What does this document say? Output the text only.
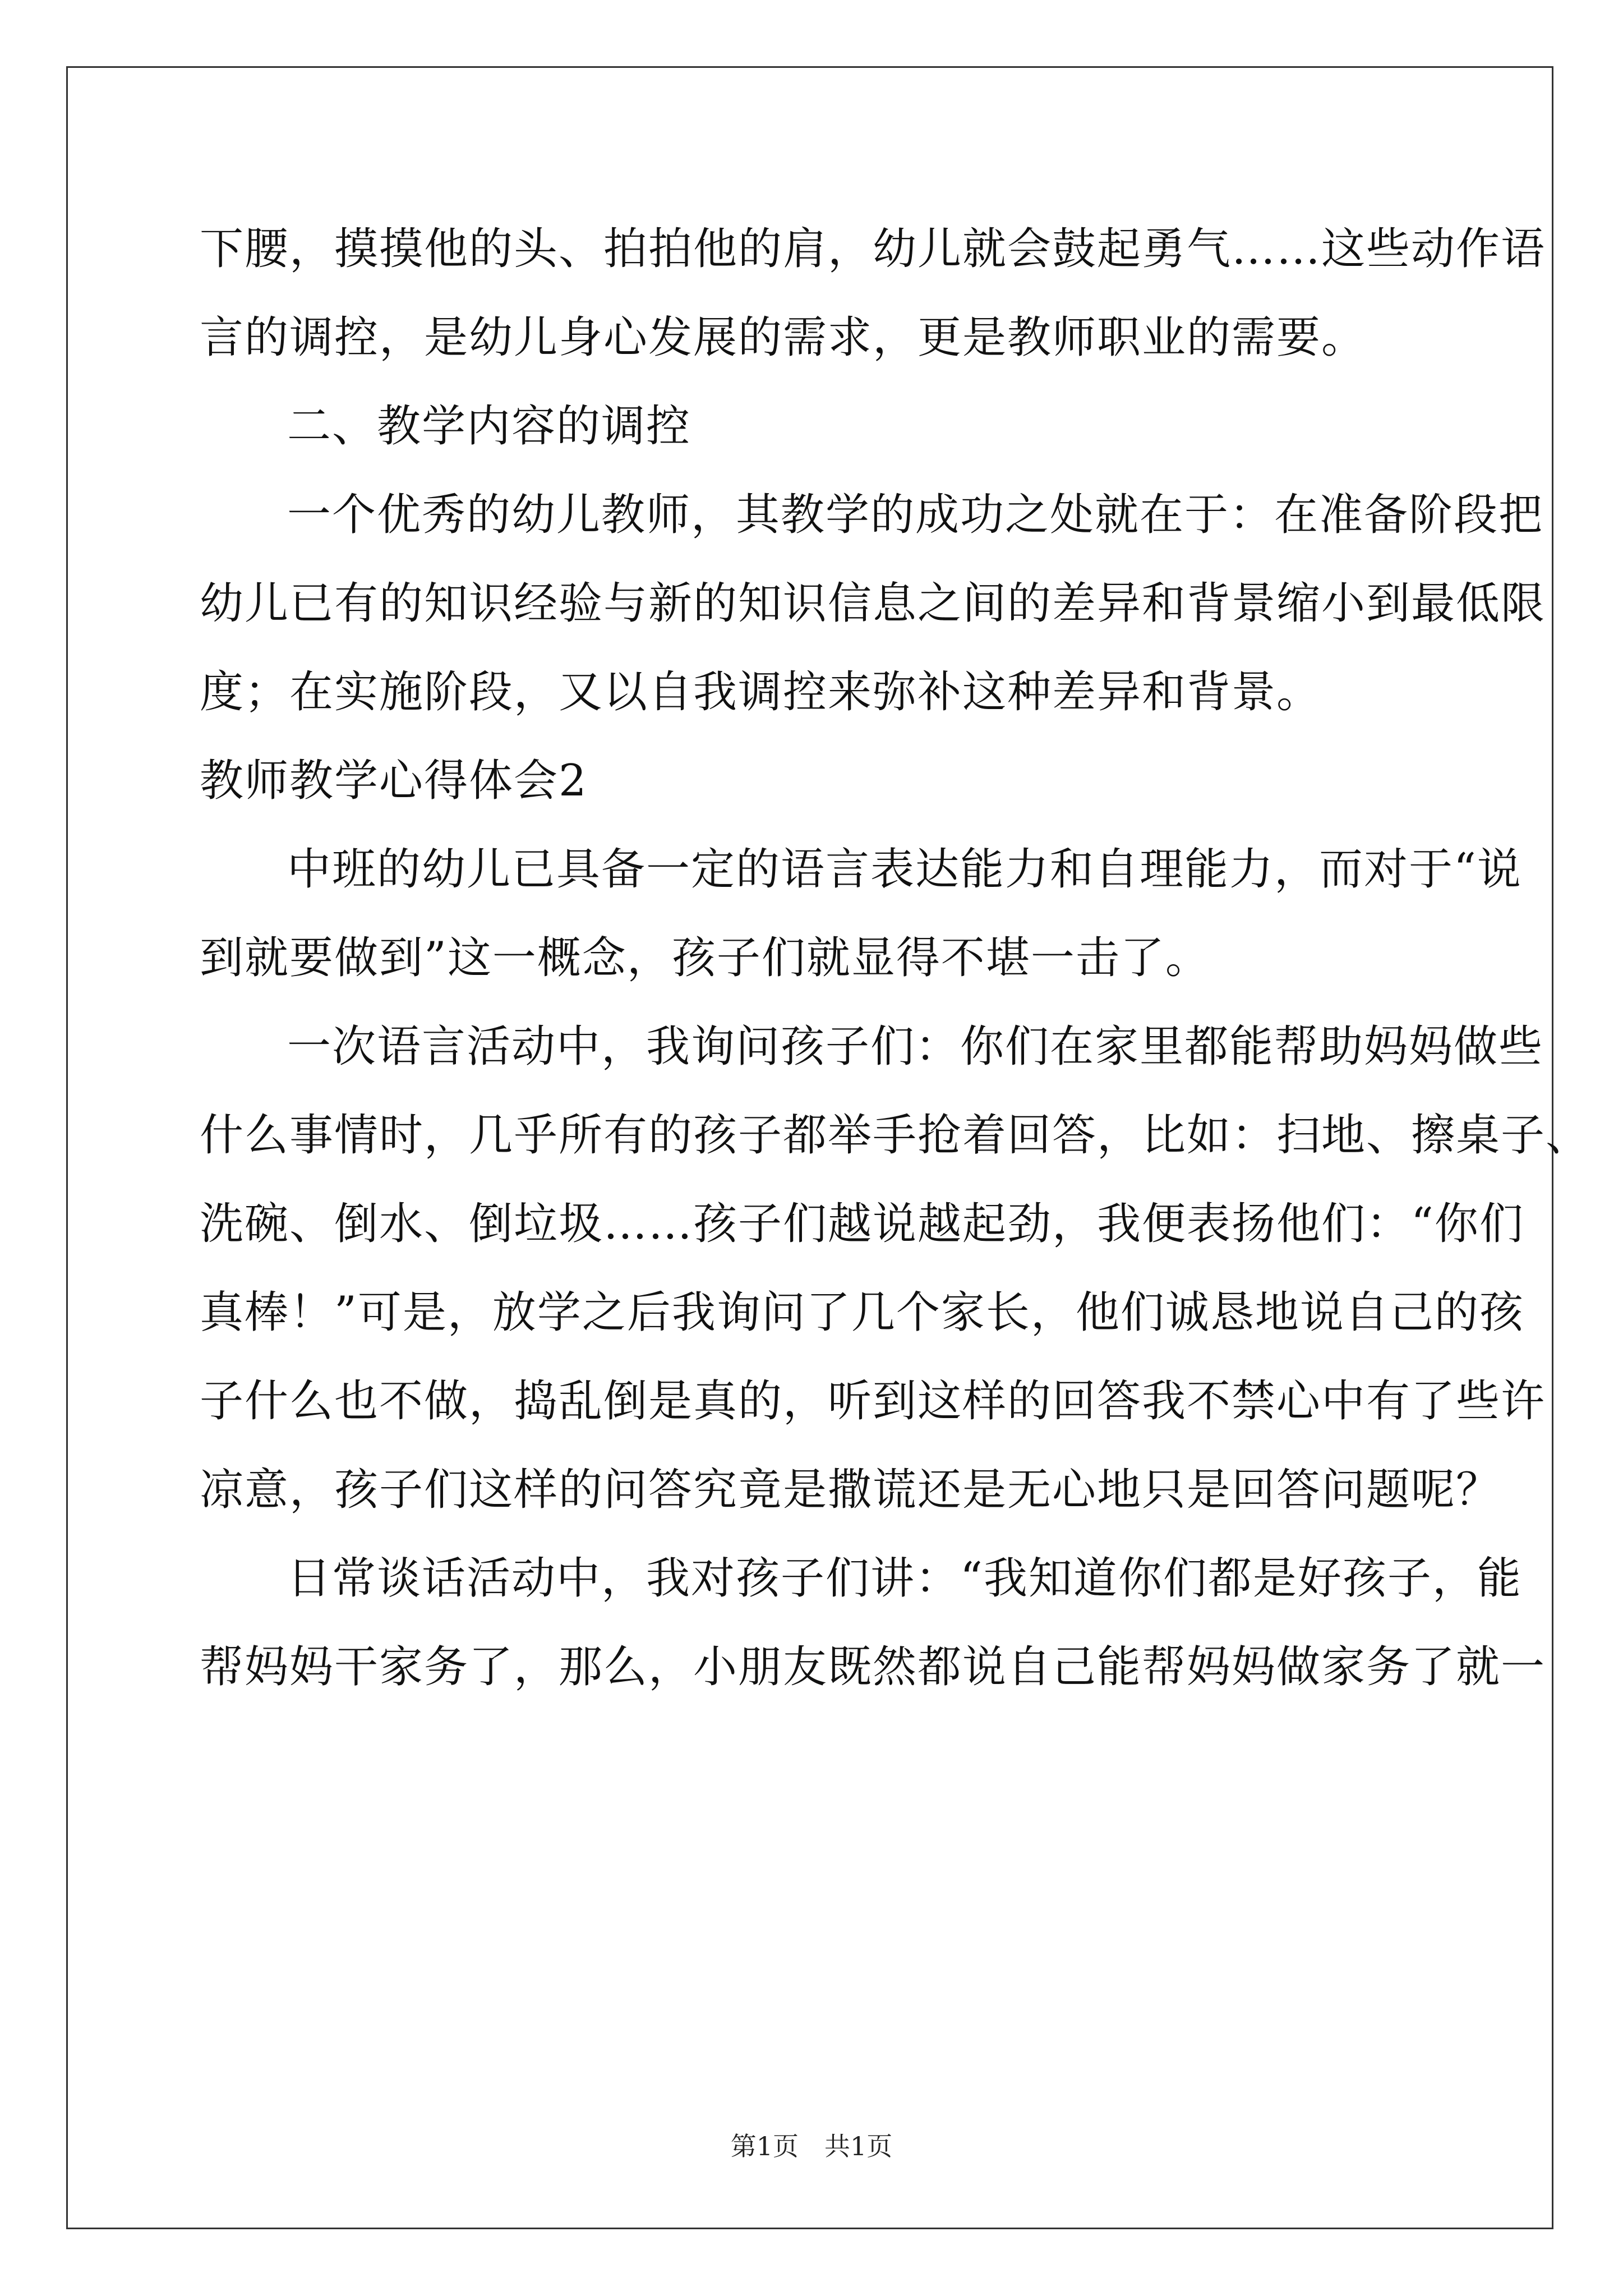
下腰，摸摸他的头、拍拍他的肩，幼儿就会鼓起勇气……这些动作语
言的调控，是幼儿身心发展的需求，更是教师职业的需要。
二、教学内容的调控
一个优秀的幼儿教师，其教学的成功之处就在于：在准备阶段把
幼儿已有的知识经验与新的知识信息之间的差异和背景缩小到最低限
度；在实施阶段，又以自我调控来弥补这种差异和背景。
教师教学心得体会2
中班的幼儿已具备一定的语言表达能力和自理能力，而对于“说
到就要做到”这一概念，孩子们就显得不堪一击了。
一次语言活动中，我询问孩子们：你们在家里都能帮助妈妈做些
什么事情时，几乎所有的孩子都举手抢着回答，比如：扫地、擦桌子、
洗碗、倒水、倒垃圾……孩子们越说越起劲，我便表扬他们：“你们
真棒！”可是，放学之后我询问了几个家长，他们诚恳地说自己的孩
子什么也不做，捣乱倒是真的，听到这样的回答我不禁心中有了些许
凉意，孩子们这样的问答究竟是撒谎还是无心地只是回答问题呢？
日常谈话活动中，我对孩子们讲：“我知道你们都是好孩子，能
帮妈妈干家务了，那么，小朋友既然都说自己能帮妈妈做家务了就一
第1页　共1页
